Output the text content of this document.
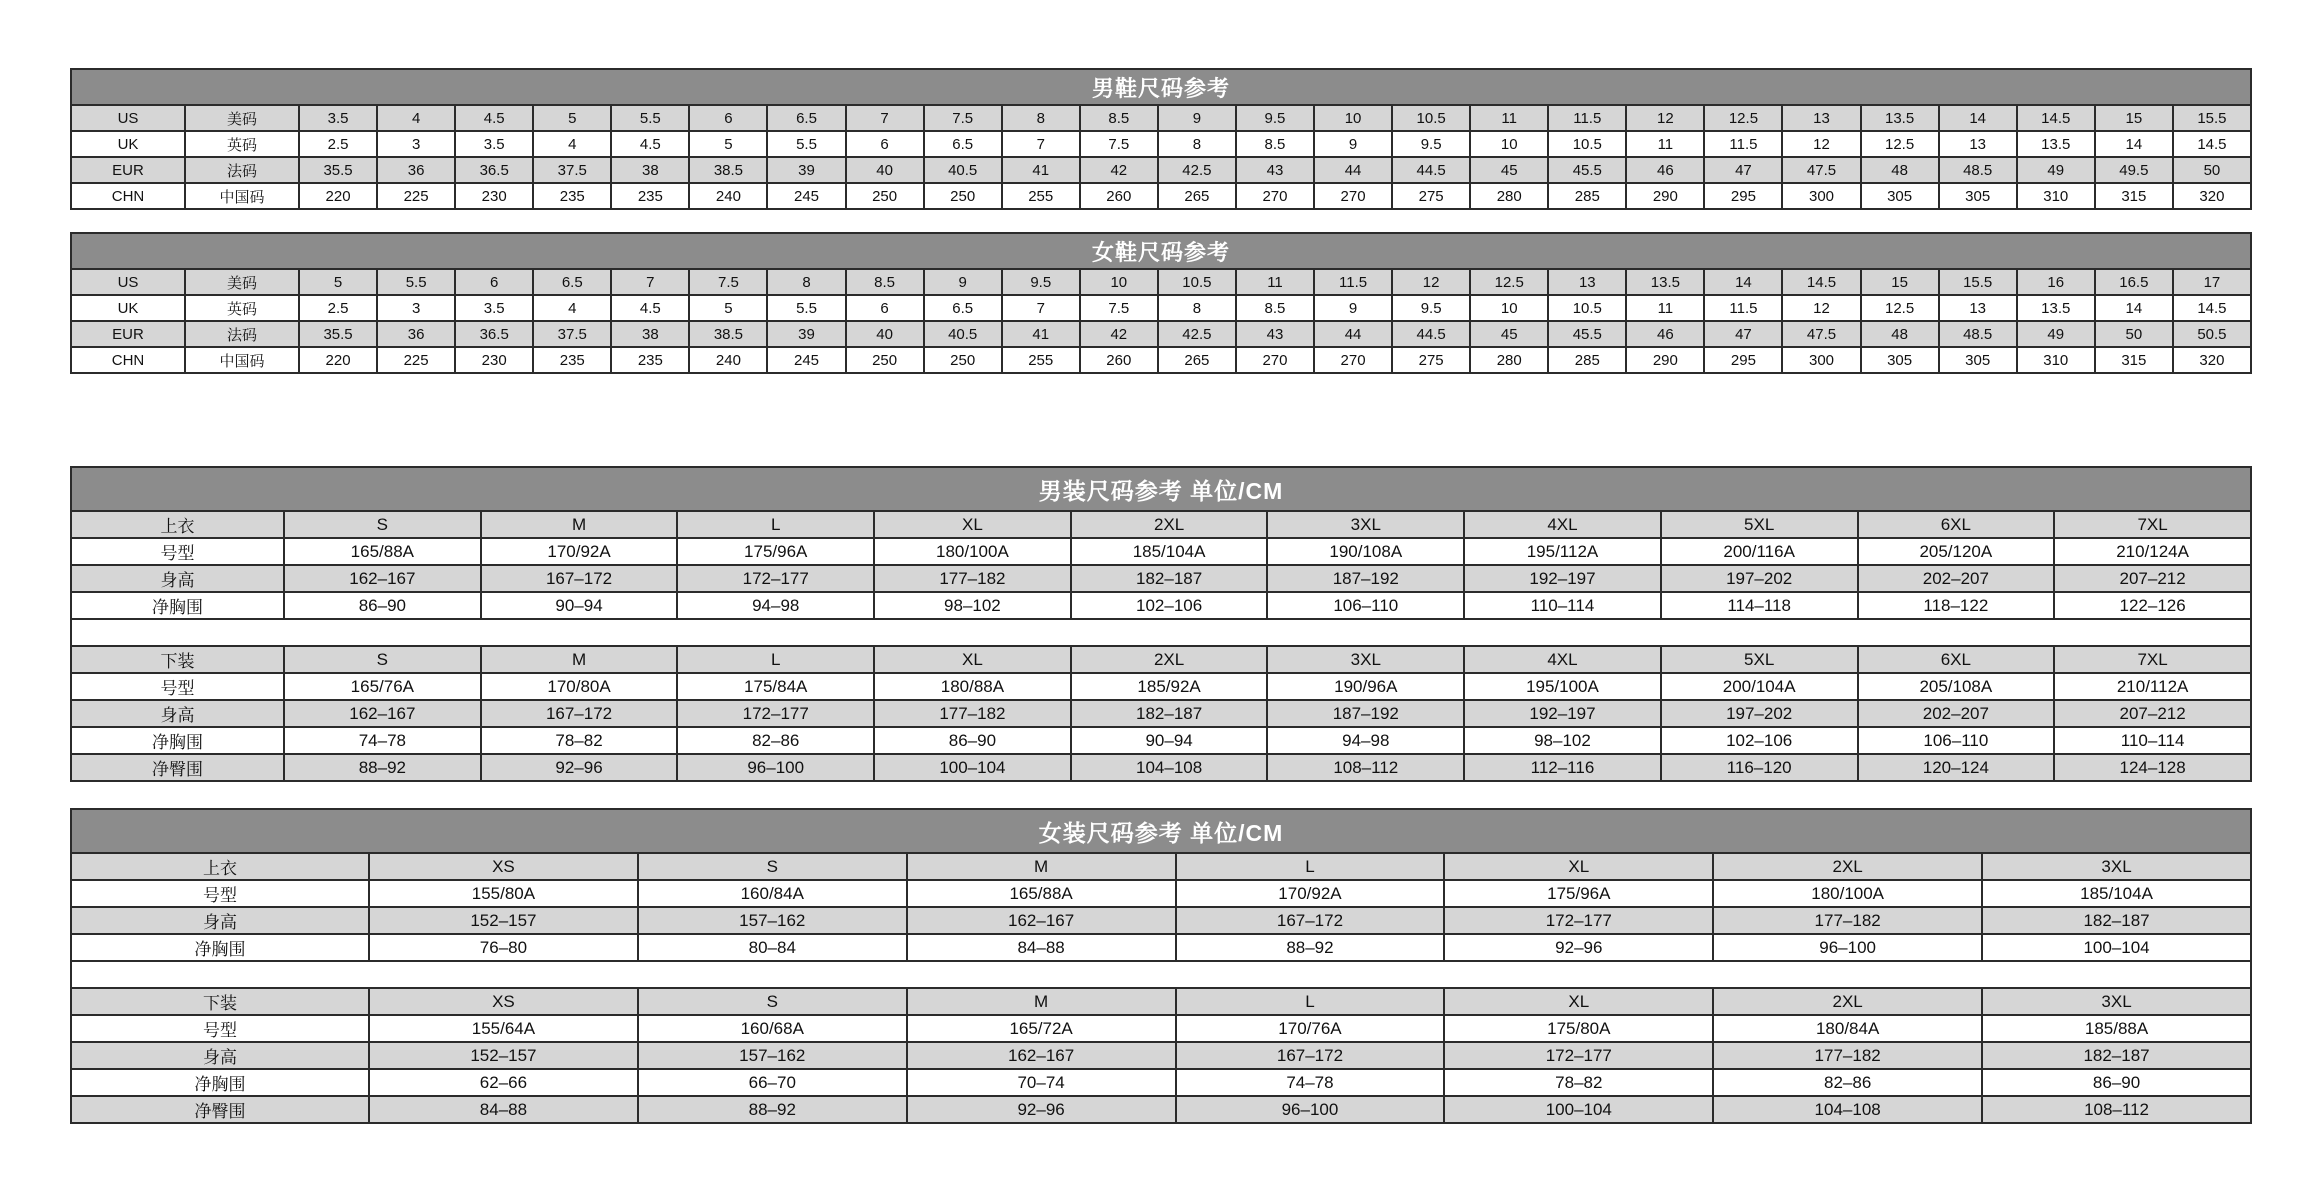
男鞋尺码参考																										
US	美码	3.5	4	4.5	5	5.5	6	6.5	7	7.5	8	8.5	9	9.5	10	10.5	11	11.5	12	12.5	13	13.5	14	14.5	15	15.5
UK	英码	2.5	3	3.5	4	4.5	5	5.5	6	6.5	7	7.5	8	8.5	9	9.5	10	10.5	11	11.5	12	12.5	13	13.5	14	14.5
EUR	法码	35.5	36	36.5	37.5	38	38.5	39	40	40.5	41	42	42.5	43	44	44.5	45	45.5	46	47	47.5	48	48.5	49	49.5	50
CHN	中国码	220	225	230	235	235	240	245	250	250	255	260	265	270	270	275	280	285	290	295	300	305	305	310	315	320
女鞋尺码参考																										
US	美码	5	5.5	6	6.5	7	7.5	8	8.5	9	9.5	10	10.5	11	11.5	12	12.5	13	13.5	14	14.5	15	15.5	16	16.5	17
UK	英码	2.5	3	3.5	4	4.5	5	5.5	6	6.5	7	7.5	8	8.5	9	9.5	10	10.5	11	11.5	12	12.5	13	13.5	14	14.5
EUR	法码	35.5	36	36.5	37.5	38	38.5	39	40	40.5	41	42	42.5	43	44	44.5	45	45.5	46	47	47.5	48	48.5	49	50	50.5
CHN	中国码	220	225	230	235	235	240	245	250	250	255	260	265	270	270	275	280	285	290	295	300	305	305	310	315	320
男装尺码参考 单位/CM										
上衣	S	M	L	XL	2XL	3XL	4XL	5XL	6XL	7XL
号型	165/88A	170/92A	175/96A	180/100A	185/104A	190/108A	195/112A	200/116A	205/120A	210/124A
身高	162–167	167–172	172–177	177–182	182–187	187–192	192–197	197–202	202–207	207–212
净胸围	86–90	90–94	94–98	98–102	102–106	106–110	110–114	114–118	118–122	122–126

下装	S	M	L	XL	2XL	3XL	4XL	5XL	6XL	7XL
号型	165/76A	170/80A	175/84A	180/88A	185/92A	190/96A	195/100A	200/104A	205/108A	210/112A
身高	162–167	167–172	172–177	177–182	182–187	187–192	192–197	197–202	202–207	207–212
净胸围	74–78	78–82	82–86	86–90	90–94	94–98	98–102	102–106	106–110	110–114
净臀围	88–92	92–96	96–100	100–104	104–108	108–112	112–116	116–120	120–124	124–128
女装尺码参考 单位/CM							
上衣	XS	S	M	L	XL	2XL	3XL
号型	155/80A	160/84A	165/88A	170/92A	175/96A	180/100A	185/104A
身高	152–157	157–162	162–167	167–172	172–177	177–182	182–187
净胸围	76–80	80–84	84–88	88–92	92–96	96–100	100–104

下装	XS	S	M	L	XL	2XL	3XL
号型	155/64A	160/68A	165/72A	170/76A	175/80A	180/84A	185/88A
身高	152–157	157–162	162–167	167–172	172–177	177–182	182–187
净胸围	62–66	66–70	70–74	74–78	78–82	82–86	86–90
净臀围	84–88	88–92	92–96	96–100	100–104	104–108	108–112
